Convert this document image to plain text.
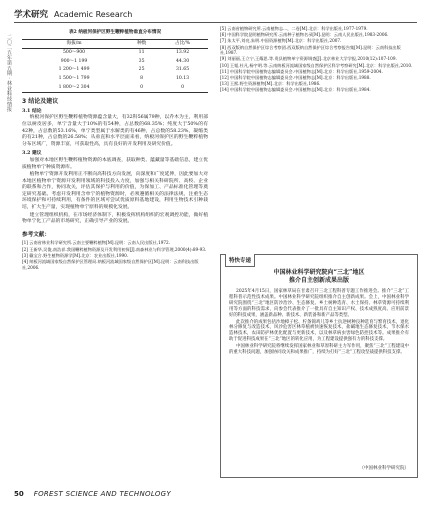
学术研究 Academic Research
二〇二五年第五期 · 林业科技情报
表2 纳板河保护区野生鞭粹植物垂直分布情况
海拔/m	种数	占比/%
500～900	11	13.92
900～1 199	35	44.30
1 200～1 499	25	31.65
1 500～1 799	8	10.13
1 800～2 304	0	0
3 结论及建议
3.1 结论

纳板河保护区野生鞭粹植物资源蕴含量大，有32科56属79种，以乔木为主，利用部位以树皮居多，单宁含量大于10%的有54种，占总数的68.35%；纯度大于50%的有42种，占总数的53.16%，单宁类型属于水解类的有46种，占总数的58.23%，凝缩类的有21种，占总数的26.58%；从垂直和水平层面来看，纳板河保护区的野生鞭粹植物分布区域广，资源丰富，可获取性高，具有良好的开发利用及研究价值。

3.2 建议

加强对本地区野生鞭粹植物资源的本底调查，获取种类、蕴藏量等基础信息，建立优质植物单宁种质资源库。

植物单宁资源开发利用正不断向高科技方向发展，向深度和广度延伸，因此要加大对本地区植物单宁资源开发利用领域的科技投入力度，加强与相关科研院所、高校、企业的联系和合作，协同攻关，评估其保护与利用的价值，为保加工、产品标准化管理等奠定研究基础。考虑开发利用含单宁的植物资源时，必须遵循相关的法律法规，注重生态环境保护和可持续利用，有条件的区域可尝试优质原料基地建设，利用生物技术引种栽培，扩大生产量，实现植物单宁原料的规模化发展。

建立管理组织机构，在市场经济体制下，积极发挥机构组织的宏观调控功能，做好植物单宁化工产品的市场研究，正确引导产业的发展。

参考文献：
[1] 云南省林业科学研究所.云南主要鞭粹植物[M].昆明：云南人民出版社,1972.
[2] 王新华,吴俊,南浩祥.我国鞭粹植物资源及开发利用初探[J].南森林业与科学管理,2000(4):89-93.
[3] 戴宝合.野生植物资源学[M].北京：农业出版社,1990.
[4] 纳板河流域国家级自然保护区管理局.纳板河流域国家级自然保护区[M].昆明：云南科技出版社,2006.
[5] 云南省植物研究所.云南植物志…，二卷[M].北京：科学出版社,1977-1979.
[6] 中国科学院昆明植物研究所.云南种子植物名录[M].昆明：云南人民出版社,1983-2006.
[7] 朱太平,刘亮,朱明.中国资源植物[M].北京：科学出版社,2007.
[8] 西双版纳自然保护区综合考察团.西双版纳自然保护区综合考察报告集[M].昆明：云南科技出版社,1987.
[9] 刘丽丽,王立宁,王耀思.等.贵县植物单宁资源调查[J].北京林业大学学报,2010(12):107-109.
[10] 王韬,杜凡,杨宇明.等.云南纳板河流域国家级自然保护区科学考察研究[M].北京：科学出版社,2010.
[11] 中国科学院中国植物志编辑委员会.中国植物志[M].北京：科学出版社,1959-2004.
[12] 中国科学院中国植物志编辑委员会.中国植物志[M].北京：科学出版社,1988.
[13] 王熙.野生资源植物[M].北京：科学出版社,1986.
[14] 中国科学院中国植物志编辑委员会.中国植物志[M].北京：科学出版社,1984.
特快专递
中国林业科学研究院向“三北”地区
推介自主创新成果出版

2025年4月15日，国家林草局在甘肃召开三北工程科普专题工作推进会。推介“三北”工程科普示范性技术成果。中国林业科学研究院组织推介自主创新成果。会上，中国林业科学研究院围绕“三北”地区防沙治沙、生态修复、乡土树种选育、水土保持、林草资源可持续利用等方面的科技需求，向参会代表推介了一批具有自主知识产权、技术成熟度高、应用前景好的科技成果，涵盖新品种、新技术、新装备和新产品等类型。

此次推介的成果包括沙地樟子松、柠条锦鸡儿等乡土抗逆树种良种选育与繁育技术，退化林分修复与改造技术，风沙危害区林草植被快速恢复技术，盐碱地生态修复技术，节水保水造林技术，农田防护林优化配置与更新技术，以及林草病虫害绿色防控技术等。成果推介有助于促进科技成果在“三北”地区的转化应用，为工程建设提供强有力的科技支撑。

中国林业科学研究院将继续发挥国家林业和草原科研主力军作用，聚焦“三北”工程建设中的重大科技问题，加强协同攻关和成果推广，持续为打好“三北”工程攻坚战提供科技支撑。

（中国林业科学研究院）
50 FOREST SCIENCE AND TECHNOLOGY
